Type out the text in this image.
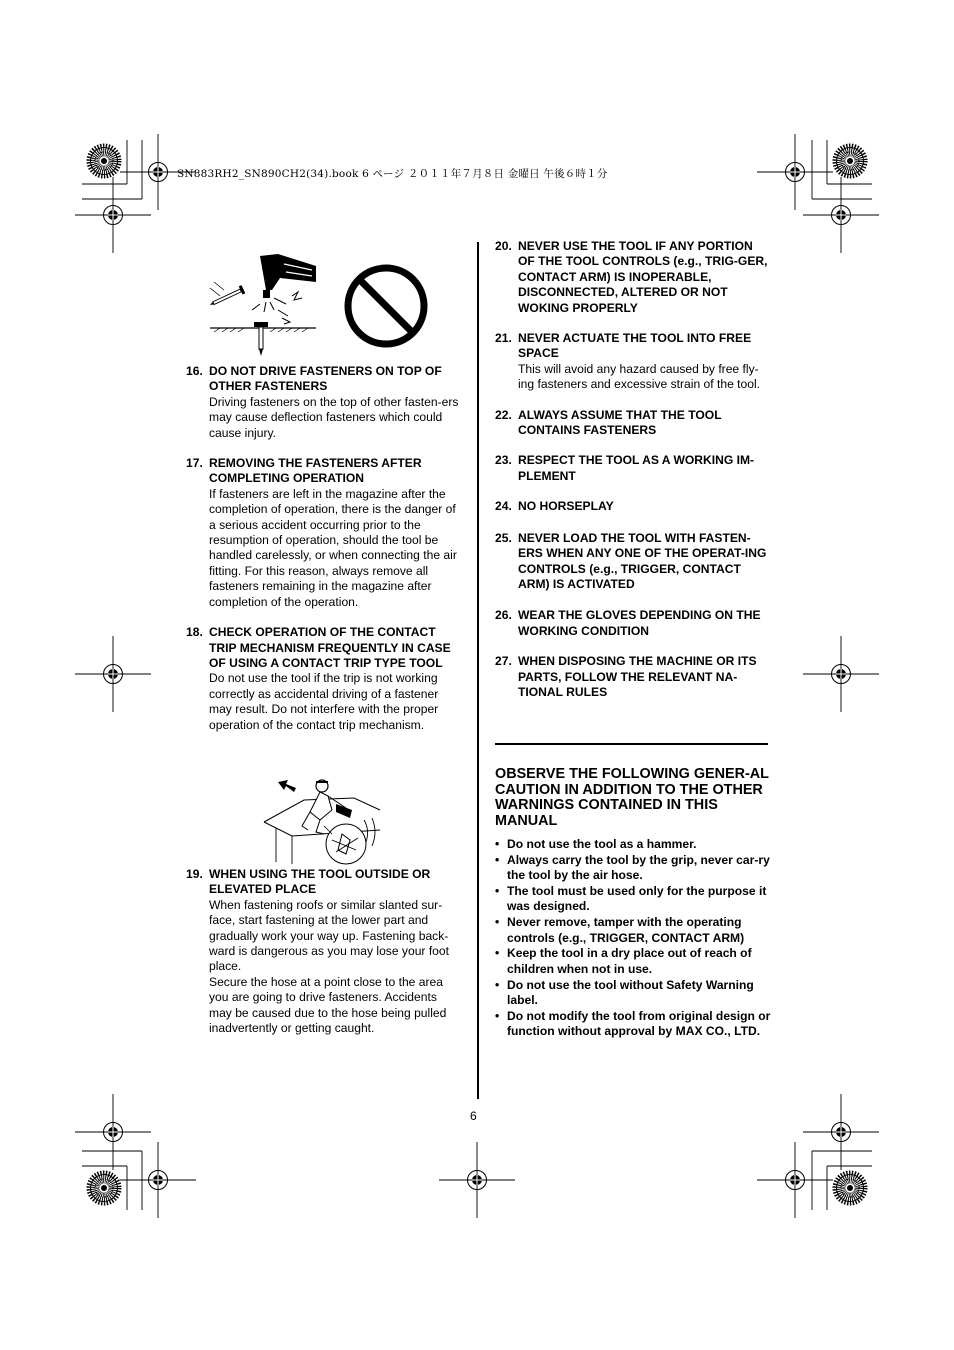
SN883RH2_SN890CH2(34).book 6 ページ ２０１１年７月８日 金曜日 午後６時１分
16. DO NOT DRIVE FASTENERS ON TOP OF OTHER FASTENERS

Driving fasteners on the top of other fasten-ers may cause deflection fasteners which could cause injury.

17. REMOVING THE FASTENERS AFTER COMPLETING OPERATION

If fasteners are left in the magazine after the completion of operation, there is the danger of a serious accident occurring prior to the resumption of operation, should the tool be handled carelessly, or when connecting the air fitting. For this reason, always remove all fasteners remaining in the magazine after completion of the operation.

18. CHECK OPERATION OF THE CONTACT TRIP MECHANISM FREQUENTLY IN CASE OF USING A CONTACT TRIP TYPE TOOL

Do not use the tool if the trip is not working correctly as accidental driving of a fastener may result. Do not interfere with the proper operation of the contact trip mechanism.

19. WHEN USING THE TOOL OUTSIDE OR ELEVATED PLACE

When fastening roofs or similar slanted sur-face, start fastening at the lower part and gradually work your way up. Fastening back-ward is dangerous as you may lose your foot place.

Secure the hose at a point close to the area you are going to drive fasteners. Accidents may be caused due to the hose being pulled inadvertently or getting caught.

20. NEVER USE THE TOOL IF ANY PORTION OF THE TOOL CONTROLS (e.g., TRIG-GER, CONTACT ARM) IS INOPERABLE, DISCONNECTED, ALTERED OR NOT WOKING PROPERLY
21. NEVER ACTUATE THE TOOL INTO FREE SPACE

This will avoid any hazard caused by free fly-ing fasteners and excessive strain of the tool.

22. ALWAYS ASSUME THAT THE TOOL CONTAINS FASTENERS
23. RESPECT THE TOOL AS A WORKING IM-PLEMENT
24. NO HORSEPLAY
25. NEVER LOAD THE TOOL WITH FASTEN-ERS WHEN ANY ONE OF THE OPERAT-ING CONTROLS (e.g., TRIGGER, CONTACT ARM) IS ACTIVATED
26. WEAR THE GLOVES DEPENDING ON THE WORKING CONDITION
27. WHEN DISPOSING THE MACHINE OR ITS PARTS, FOLLOW THE RELEVANT NA-TIONAL RULES
OBSERVE THE FOLLOWING GENER-AL CAUTION IN ADDITION TO THE OTHER WARNINGS CONTAINED IN THIS MANUAL
• Do not use the tool as a hammer.
• Always carry the tool by the grip, never car-ry the tool by the air hose.
• The tool must be used only for the purpose it was designed.
• Never remove, tamper with the operating controls (e.g., TRIGGER, CONTACT ARM)
• Keep the tool in a dry place out of reach of children when not in use.
• Do not use the tool without Safety Warning label.
• Do not modify the tool from original design or function without approval by MAX CO., LTD.
6
